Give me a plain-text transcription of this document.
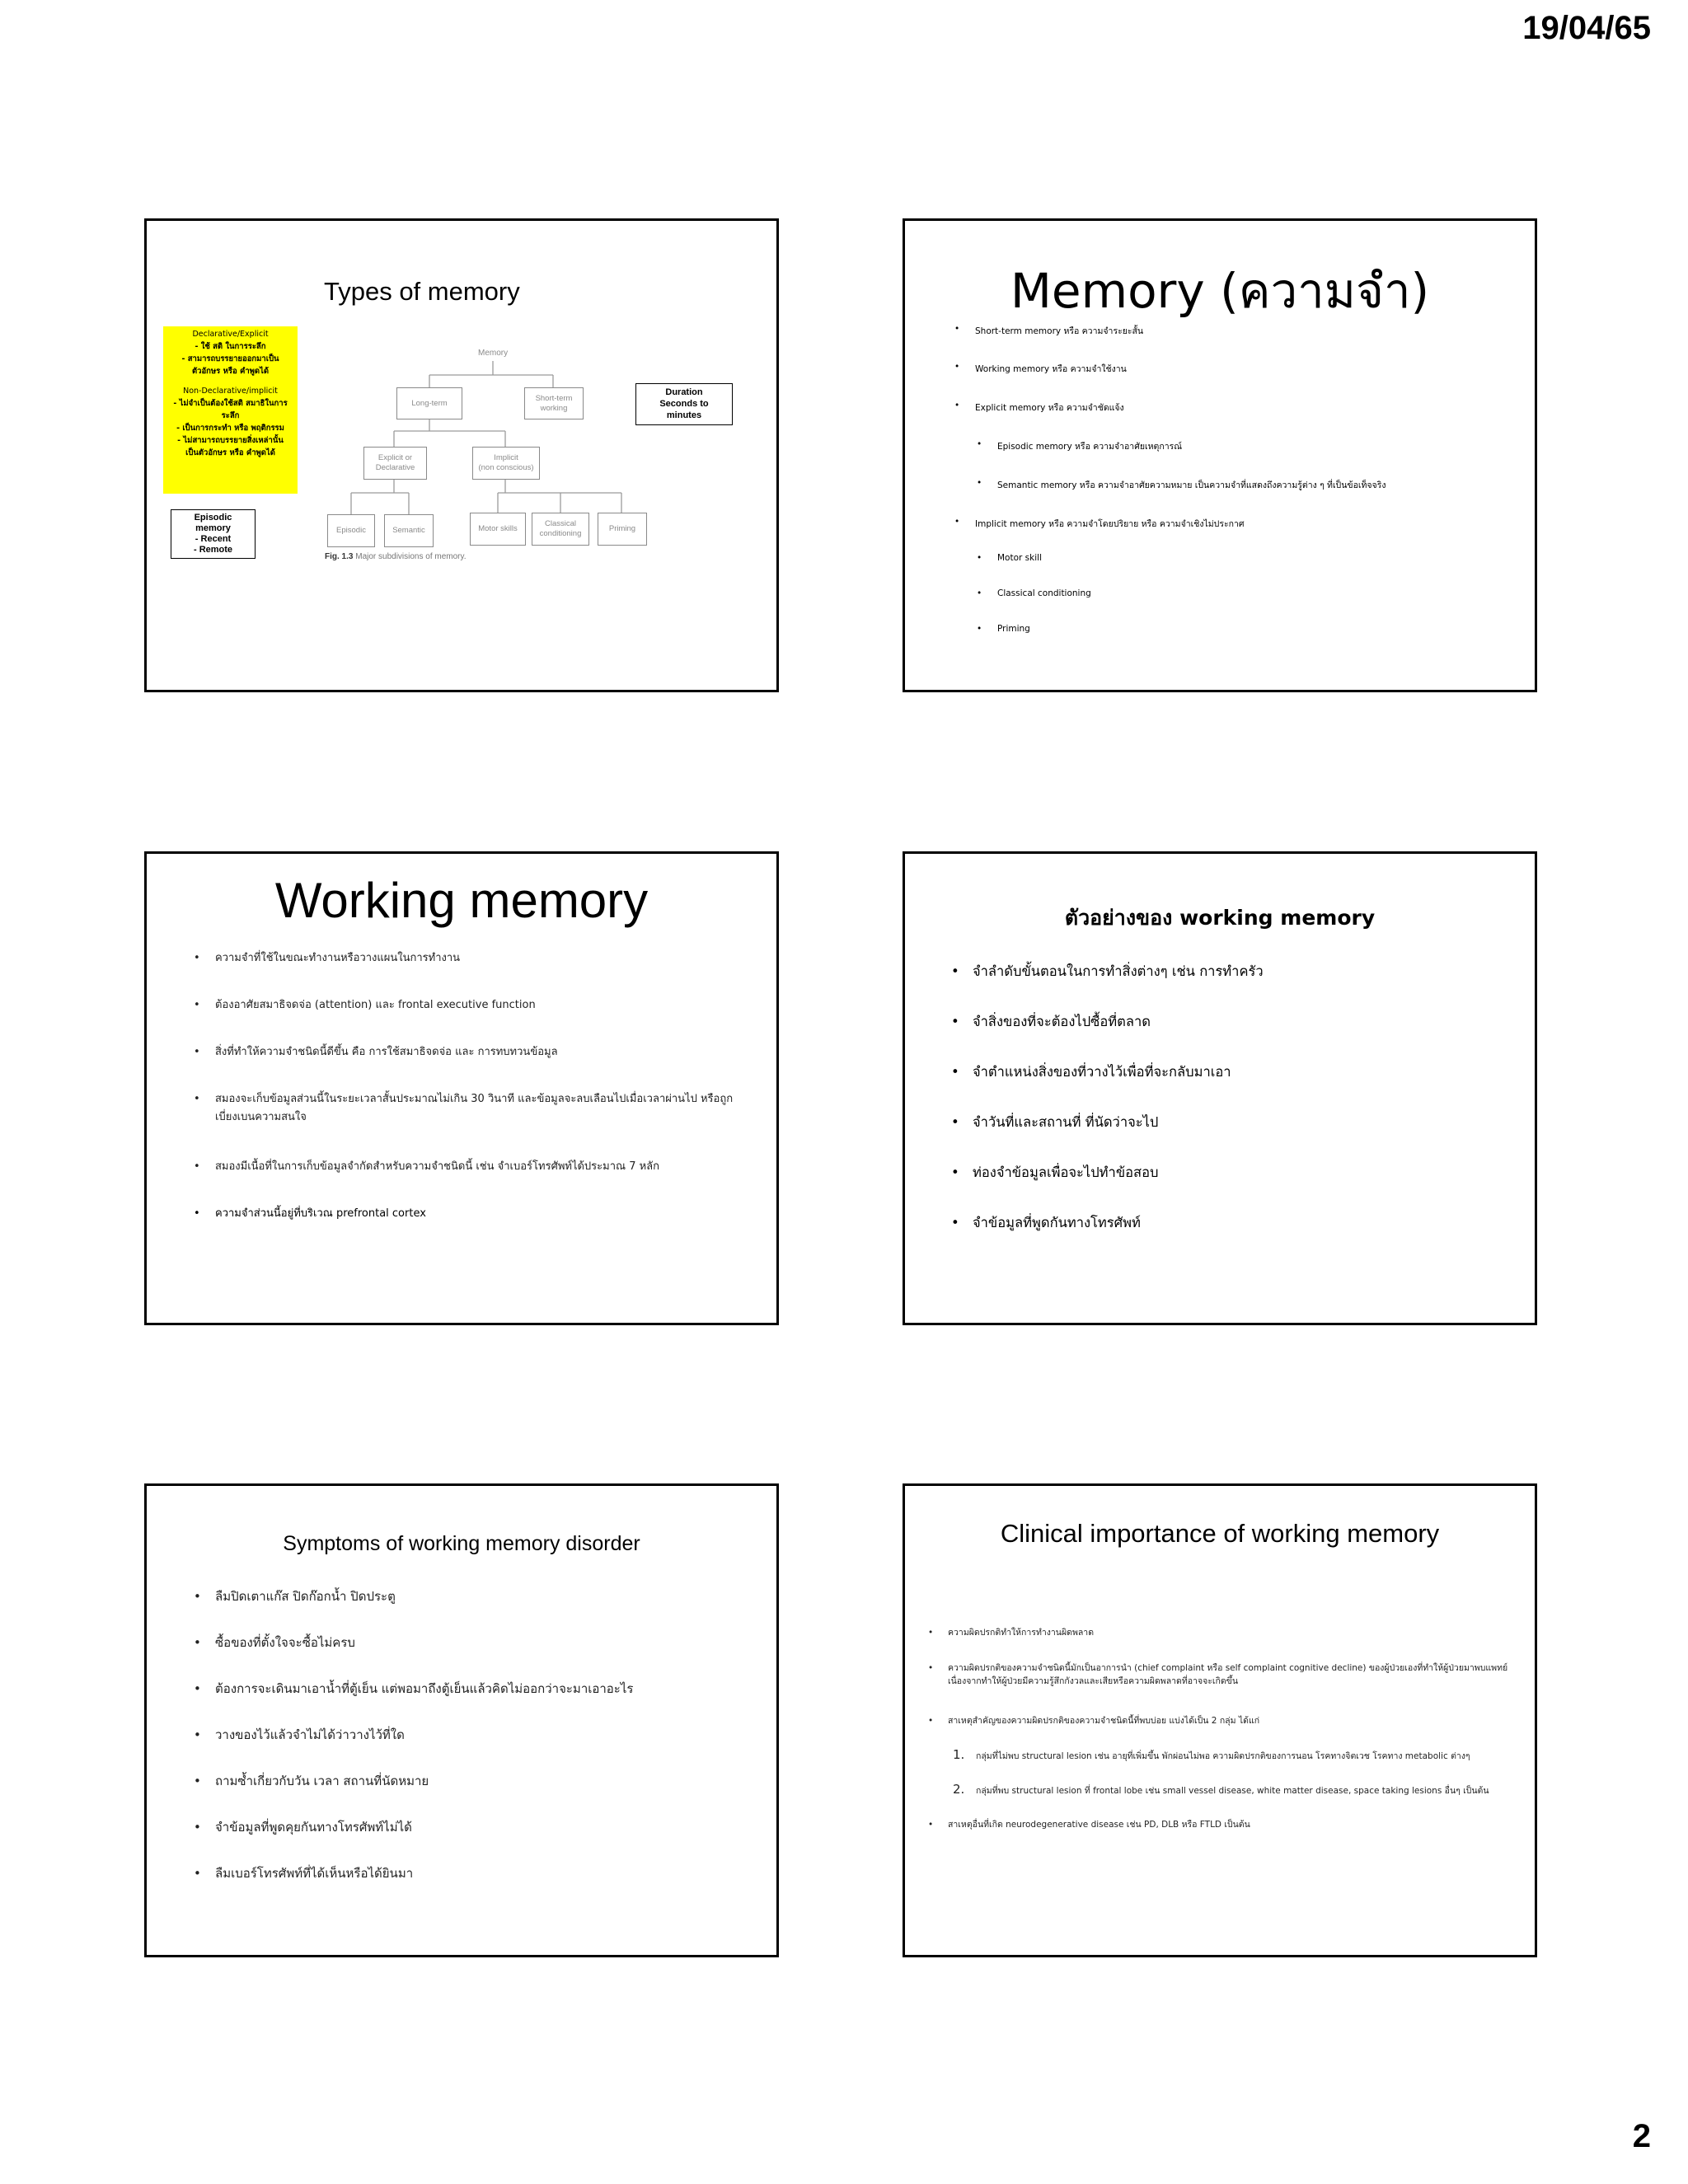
19/04/65
Types of memory
Declarative/Explicit
- ใช้ สติ ในการระลึก
- สามารถบรรยายออกมาเป็น
ตัวอักษร หรือ คำพูดได้
Non-Declarative/implicit
- ไม่จำเป็นต้องใช้สติ สมาธิในการ
ระลึก
- เป็นการกระทำ หรือ พฤติกรรม
- ไม่สามารถบรรยายสิ่งเหล่านั้น
เป็นตัวอักษร หรือ คำพูดได้
Episodic
memory
- Recent
- Remote
Duration
Seconds to
minutes
Memory
Long-term
Short-term
working
Explicit or
Declarative
Implicit
(non conscious)
Episodic	Semantic	Motor skills
Classical
conditioning
Priming
Fig. 1.3 Major subdivisions of memory.
Memory (ความจำ)
• Short-term memory หรือ ความจำระยะสั้น
• Working memory หรือ ความจำใช้งาน
• Explicit memory หรือ ความจำชัดแจ้ง
• Episodic memory หรือ ความจำอาศัยเหตุการณ์
• Semantic memory หรือ ความจำอาศัยความหมาย เป็นความจำที่แสดงถึงความรู้ต่าง ๆ ที่เป็นข้อเท็จจริง
• Implicit memory หรือ ความจำโดยปริยาย หรือ ความจำเชิงไม่ประกาศ
• Motor skill
• Classical conditioning
• Priming
Working memory
• ความจำที่ใช้ในขณะทำงานหรือวางแผนในการทำงาน
• ต้องอาศัยสมาธิจดจ่อ (attention) และ frontal executive function
• สิ่งที่ทำให้ความจำชนิดนี้ดีขึ้น คือ การใช้สมาธิจดจ่อ และ การทบทวนข้อมูล
• สมองจะเก็บข้อมูลส่วนนี้ในระยะเวลาสั้นประมาณไม่เกิน 30 วินาที และข้อมูลจะลบเลือนไปเมื่อเวลาผ่านไป หรือถูกเบี่ยงเบนความสนใจ
• สมองมีเนื้อที่ในการเก็บข้อมูลจำกัดสำหรับความจำชนิดนี้ เช่น จำเบอร์โทรศัพท์ได้ประมาณ 7 หลัก
• ความจำส่วนนี้อยู่ที่บริเวณ prefrontal cortex
ตัวอย่างของ working memory
• จำลำดับขั้นตอนในการทำสิ่งต่างๆ เช่น การทำครัว
• จำสิ่งของที่จะต้องไปซื้อที่ตลาด
• จำตำแหน่งสิ่งของที่วางไว้เพื่อที่จะกลับมาเอา
• จำวันที่และสถานที่ ที่นัดว่าจะไป
• ท่องจำข้อมูลเพื่อจะไปทำข้อสอบ
• จำข้อมูลที่พูดกันทางโทรศัพท์
Symptoms of working memory disorder
• ลืมปิดเตาแก๊ส ปิดก๊อกน้ำ ปิดประตู
• ซื้อของที่ตั้งใจจะซื้อไม่ครบ
• ต้องการจะเดินมาเอาน้ำที่ตู้เย็น แต่พอมาถึงตู้เย็นแล้วคิดไม่ออกว่าจะมาเอาอะไร
• วางของไว้แล้วจำไม่ได้ว่าวางไว้ที่ใด
• ถามซ้ำเกี่ยวกับวัน เวลา สถานที่นัดหมาย
• จำข้อมูลที่พูดคุยกันทางโทรศัพท์ไม่ได้
• ลืมเบอร์โทรศัพท์ที่ได้เห็นหรือได้ยินมา
Clinical importance of working memory
• ความผิดปรกติทำให้การทำงานผิดพลาด
• ความผิดปรกติของความจำชนิดนี้มักเป็นอาการนำ (chief complaint หรือ self complaint cognitive decline) ของผู้ป่วยเองที่ทำให้ผู้ป่วยมาพบแพทย์ เนื่องจากทำให้ผู้ป่วยมีความรู้สึกกังวลและเสียหรือความผิดพลาดที่อาจจะเกิดขึ้น
• สาเหตุสำคัญของความผิดปรกติของความจำชนิดนี้ที่พบบ่อย แบ่งได้เป็น 2 กลุ่ม ได้แก่
1. กลุ่มที่ไม่พบ structural lesion เช่น อายุที่เพิ่มขึ้น พักผ่อนไม่พอ ความผิดปรกติของการนอน โรคทางจิตเวช โรคทาง metabolic ต่างๆ
2. กลุ่มที่พบ structural lesion ที่ frontal lobe เช่น small vessel disease, white matter disease, space taking lesions อื่นๆ เป็นต้น
• สาเหตุอื่นที่เกิด neurodegenerative disease เช่น PD, DLB หรือ FTLD เป็นต้น
2
